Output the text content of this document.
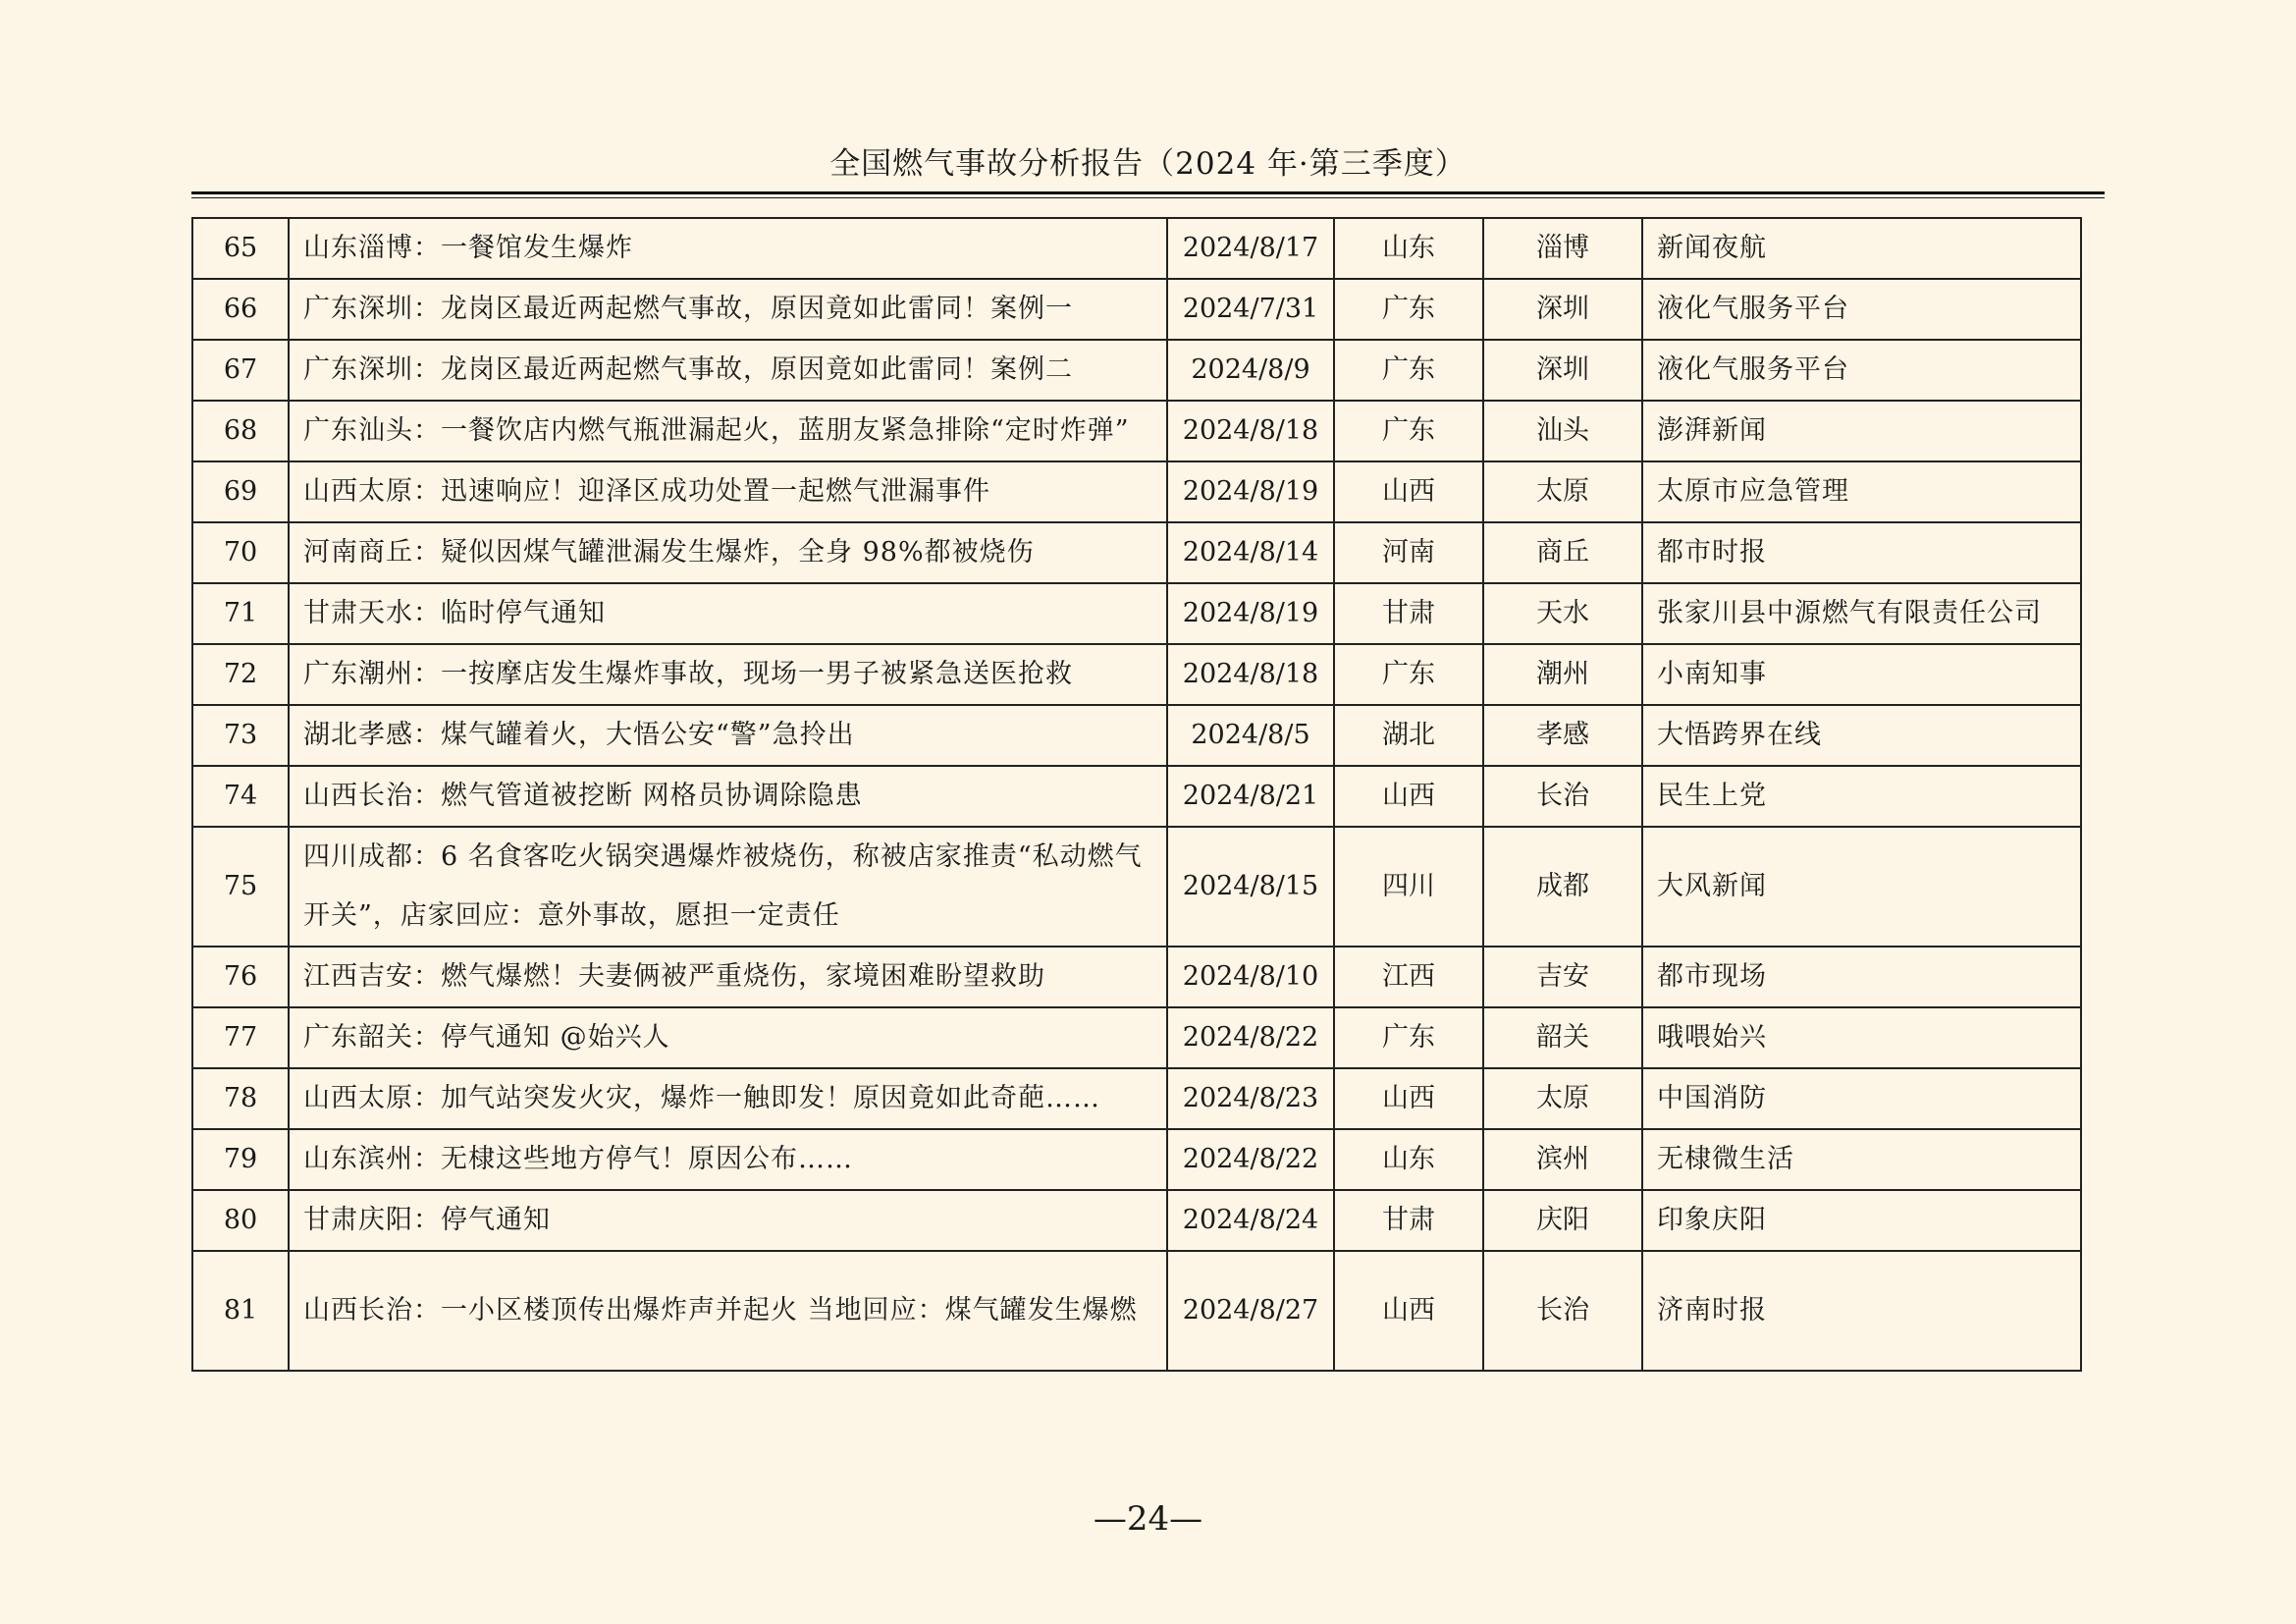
全国燃气事故分析报告（2024 年·第三季度）
65	山东淄博：一餐馆发生爆炸	2024/8/17	山东	淄博	新闻夜航
66	广东深圳：龙岗区最近两起燃气事故，原因竟如此雷同！案例一	2024/7/31	广东	深圳	液化气服务平台
67	广东深圳：龙岗区最近两起燃气事故，原因竟如此雷同！案例二	2024/8/9	广东	深圳	液化气服务平台
68	广东汕头：一餐饮店内燃气瓶泄漏起火，蓝朋友紧急排除“定时炸弹”	2024/8/18	广东	汕头	澎湃新闻
69	山西太原：迅速响应！迎泽区成功处置一起燃气泄漏事件	2024/8/19	山西	太原	太原市应急管理
70	河南商丘：疑似因煤气罐泄漏发生爆炸，全身 98%都被烧伤	2024/8/14	河南	商丘	都市时报
71	甘肃天水：临时停气通知	2024/8/19	甘肃	天水	张家川县中源燃气有限责任公司
72	广东潮州：一按摩店发生爆炸事故，现场一男子被紧急送医抢救	2024/8/18	广东	潮州	小南知事
73	湖北孝感：煤气罐着火，大悟公安“警”急拎出	2024/8/5	湖北	孝感	大悟跨界在线
74	山西长治：燃气管道被挖断 网格员协调除隐患	2024/8/21	山西	长治	民生上党
75	四川成都：6 名食客吃火锅突遇爆炸被烧伤，称被店家推责“私动燃气开关”，店家回应：意外事故，愿担一定责任	2024/8/15	四川	成都	大风新闻
76	江西吉安：燃气爆燃！夫妻俩被严重烧伤，家境困难盼望救助	2024/8/10	江西	吉安	都市现场
77	广东韶关：停气通知 @始兴人	2024/8/22	广东	韶关	哦喂始兴
78	山西太原：加气站突发火灾，爆炸一触即发！原因竟如此奇葩……	2024/8/23	山西	太原	中国消防
79	山东滨州：无棣这些地方停气！原因公布……	2024/8/22	山东	滨州	无棣微生活
80	甘肃庆阳：停气通知	2024/8/24	甘肃	庆阳	印象庆阳
81	山西长治：一小区楼顶传出爆炸声并起火 当地回应：煤气罐发生爆燃	2024/8/27	山西	长治	济南时报
—24—
